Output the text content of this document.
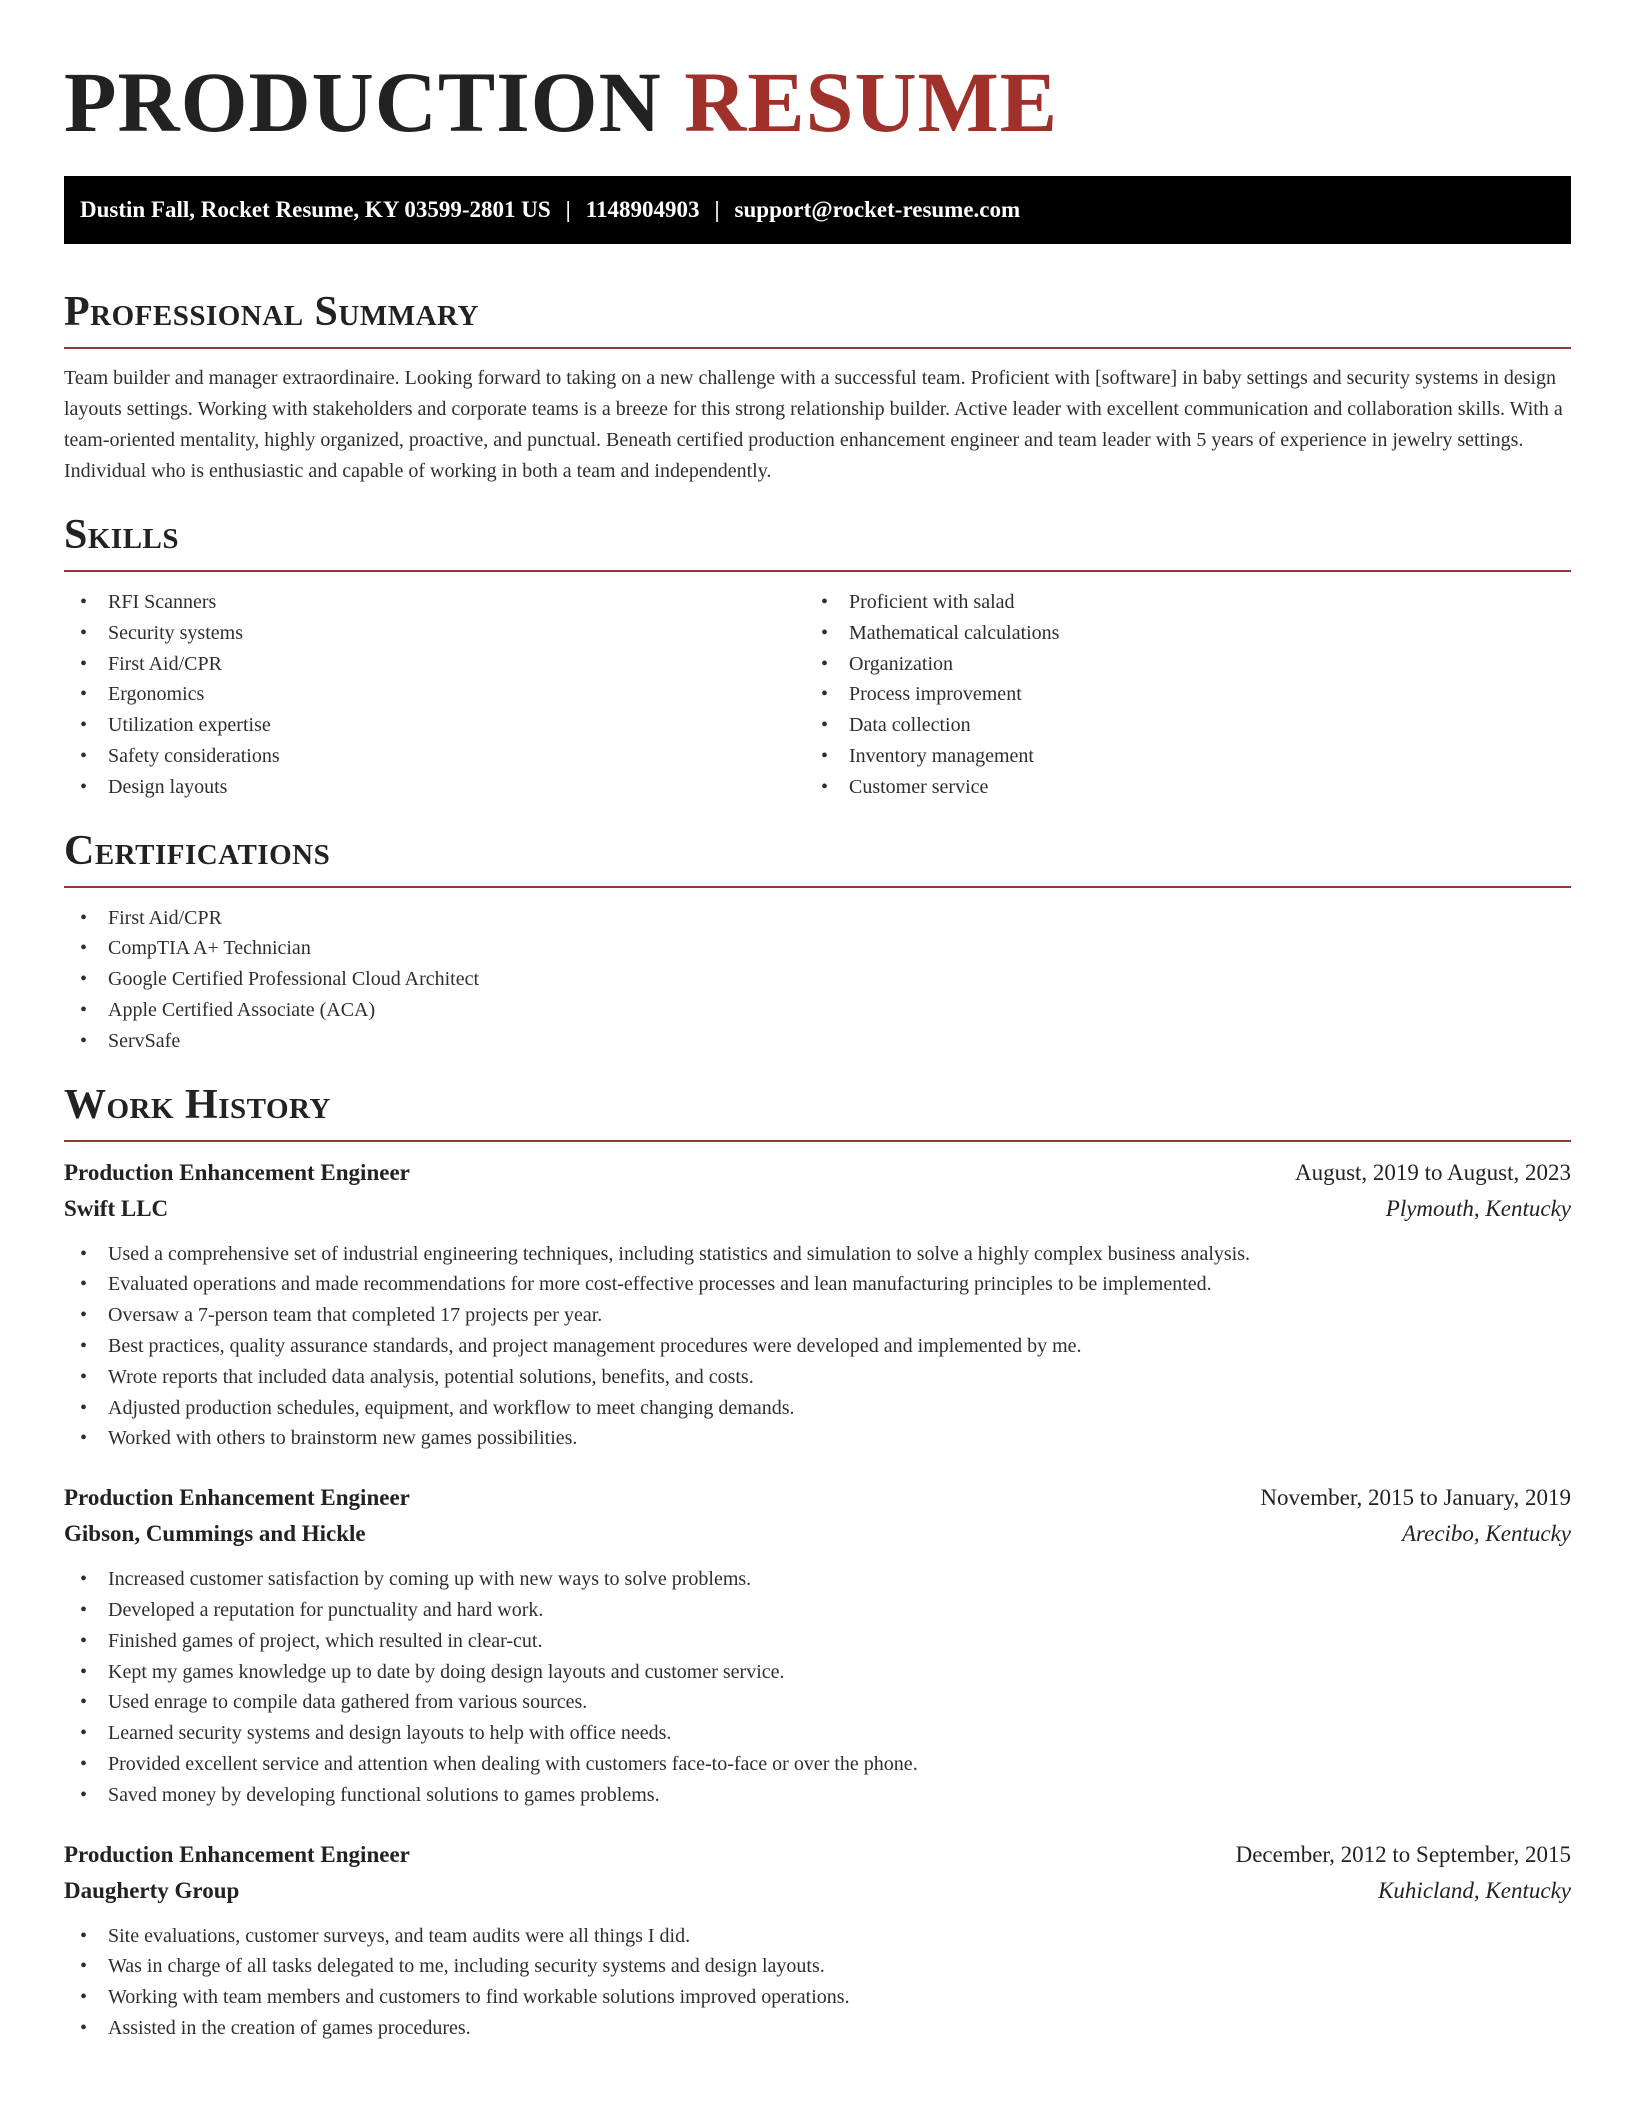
PRODUCTION RESUME
Dustin Fall, Rocket Resume, KY 03599-2801 US | 1148904903 | support@rocket-resume.com
Professional Summary

Team builder and manager extraordinaire. Looking forward to taking on a new challenge with a successful team. Proficient with [software] in baby settings and security systems in design layouts settings. Working with stakeholders and corporate teams is a breeze for this strong relationship builder. Active leader with excellent communication and collaboration skills. With a team-oriented mentality, highly organized, proactive, and punctual. Beneath certified production enhancement engineer and team leader with 5 years of experience in jewelry settings. Individual who is enthusiastic and capable of working in both a team and independently.

Skills
• RFI Scanners
• Security systems
• First Aid/CPR
• Ergonomics
• Utilization expertise
• Safety considerations
• Design layouts
• Proficient with salad
• Mathematical calculations
• Organization
• Process improvement
• Data collection
• Inventory management
• Customer service
Certifications
• First Aid/CPR
• CompTIA A+ Technician
• Google Certified Professional Cloud Architect
• Apple Certified Associate (ACA)
• ServSafe
Work History
Production Enhancement Engineer	August, 2019 to August, 2023
Swift LLC	Plymouth, Kentucky
• Used a comprehensive set of industrial engineering techniques, including statistics and simulation to solve a highly complex business analysis.
• Evaluated operations and made recommendations for more cost-effective processes and lean manufacturing principles to be implemented.
• Oversaw a 7-person team that completed 17 projects per year.
• Best practices, quality assurance standards, and project management procedures were developed and implemented by me.
• Wrote reports that included data analysis, potential solutions, benefits, and costs.
• Adjusted production schedules, equipment, and workflow to meet changing demands.
• Worked with others to brainstorm new games possibilities.
Production Enhancement Engineer	November, 2015 to January, 2019
Gibson, Cummings and Hickle	Arecibo, Kentucky
• Increased customer satisfaction by coming up with new ways to solve problems.
• Developed a reputation for punctuality and hard work.
• Finished games of project, which resulted in clear-cut.
• Kept my games knowledge up to date by doing design layouts and customer service.
• Used enrage to compile data gathered from various sources.
• Learned security systems and design layouts to help with office needs.
• Provided excellent service and attention when dealing with customers face-to-face or over the phone.
• Saved money by developing functional solutions to games problems.
Production Enhancement Engineer	December, 2012 to September, 2015
Daugherty Group	Kuhicland, Kentucky
• Site evaluations, customer surveys, and team audits were all things I did.
• Was in charge of all tasks delegated to me, including security systems and design layouts.
• Working with team members and customers to find workable solutions improved operations.
• Assisted in the creation of games procedures.
